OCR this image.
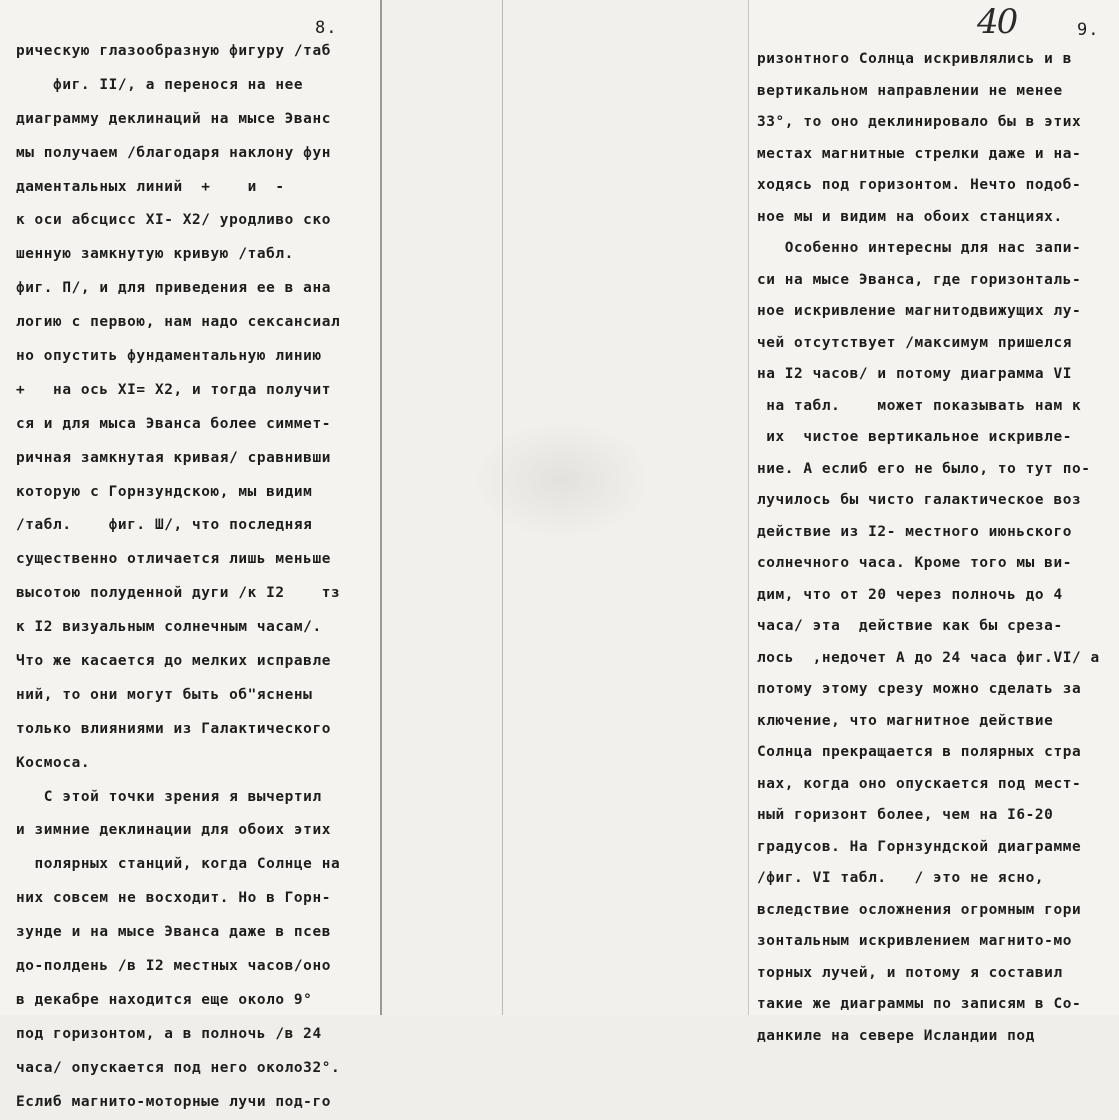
8.
рическую глазообразную фигуру /таб
фиг. II/, а перенося на нее
диаграмму деклинаций на мысе Эванс
мы получаем /благодаря наклону фун
даментальных линий  +    и  -
к оси абсцисс XI- X2/ уродливо ско
шенную замкнутую кривую /табл.
фиг. П/, и для приведения ее в ана
логию с первою, нам надо сексансиал
но опустить фундаментальную линию
+   на ось XI= X2, и тогда получит
ся и для мыса Эванса более симмет-
ричная замкнутая кривая/ сравнивши
которую с Горнзундскою, мы видим
/табл.    фиг. Ш/, что последняя
существенно отличается лишь меньше
высотою полуденной дуги /к I2    тз
к I2 визуальным солнечным часам/.
Что же касается до мелких исправле
ний, то они могут быть об"яснены
только влияниями из Галактического
Космоса.
С этой точки зрения я вычертил
и зимние деклинации для обоих этих
полярных станций, когда Солнце на
них совсем не восходит. Но в Горн-
зунде и на мысе Эванса даже в псев
до-полдень /в I2 местных часов/оно
в декабре находится еще около 9°
под горизонтом, а в полночь /в 24
часа/ опускается под него около32°.
Еслиб магнито-моторные лучи под-го
40	9.
ризонтного Солнца искривлялись и в
вертикальном направлении не менее
33°, то оно деклинировало бы в этих
местах магнитные стрелки даже и на-
ходясь под горизонтом. Нечто подоб-
ное мы и видим на обоих станциях.
Особенно интересны для нас запи-
си на мысе Эванса, где горизонталь-
ное искривление магнитодвижущих лу-
чей отсутствует /максимум пришелся
на I2 часов/ и потому диаграмма VI
на табл.    может показывать нам к
их  чистое вертикальное искривле-
ние. А еслиб его не было, то тут по-
лучилось бы чисто галактическое воз
действие из I2- местного июньского
солнечного часа. Кроме того мы ви-
дим, что от 20 через полночь до 4
часа/ эта  действие как бы среза-
лось  ,недочет А до 24 часа фиг.VI/ а
потому этому срезу можно сделать за
ключение, что магнитное действие
Солнца прекращается в полярных стра
нах, когда оно опускается под мест-
ный горизонт более, чем на I6-20
градусов. На Горнзундской диаграмме
/фиг. VI табл.   / это не ясно,
вследствие осложнения огромным гори
зонтальным искривлением магнито-мо
торных лучей, и потому я составил
такие же диаграммы по записям в Со-
данкиле на севере Исландии под
